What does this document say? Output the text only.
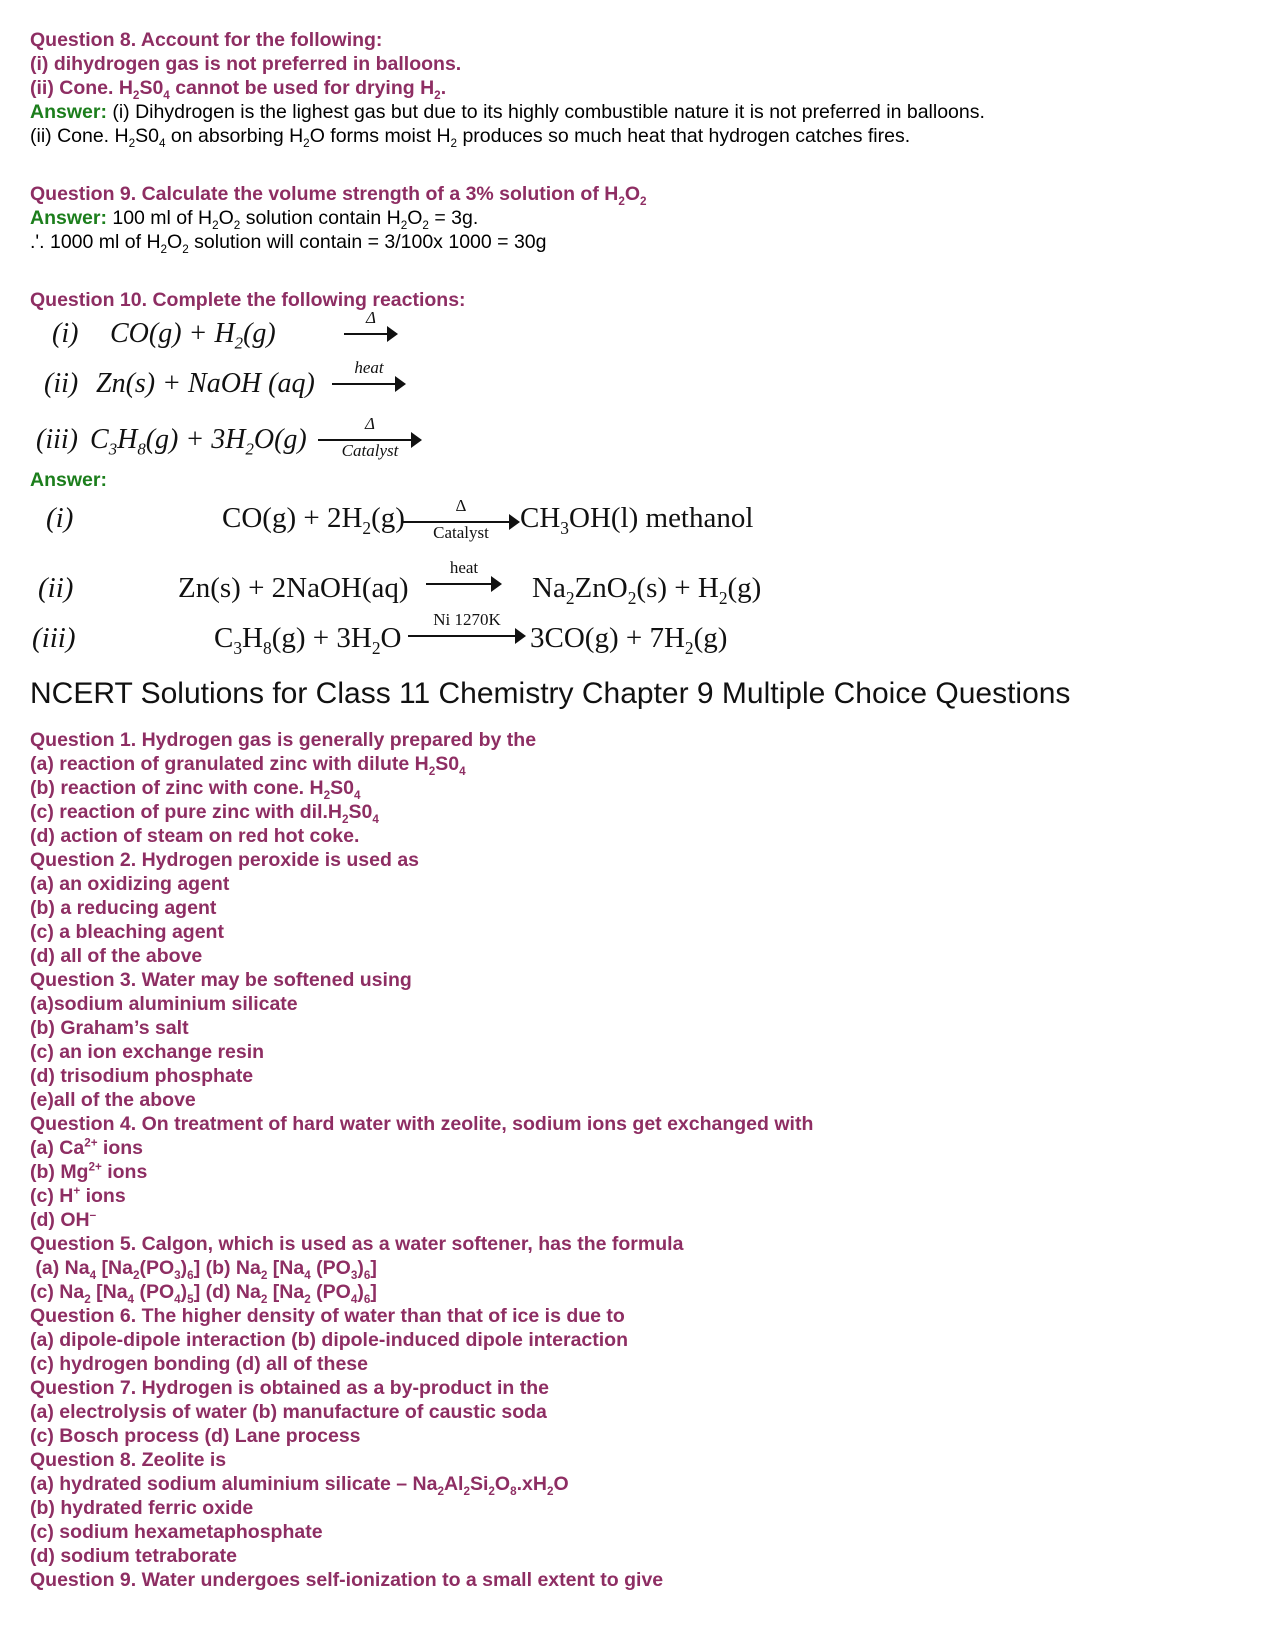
Question 8. Account for the following:

(i) dihydrogen gas is not preferred in balloons.

(ii) Cone. $H_2S0_4$ cannot be used for drying $H_2$.

Answer: (i) Dihydrogen is the lighest gas but due to its highly combustible nature it is not preferred in balloons.

(ii) Cone. $H_2S0_4$ on absorbing $H_2O$ forms moist $H_2$ produces so much heat that hydrogen catches fires.

Question 9. Calculate the volume strength of a 3% solution of $H_2O_2$

Answer: 100 ml of $H_2O_2$ solution contain $H_2O_2 = 3g$.

.'. 1000 ml of $H_2O_2$ solution will contain = 3/100x 1000 = 30g

Question 10. Complete the following reactions:

(i) $CO(g) + H_2(g)$
Δ
(ii) Zn(s) + NaOH (aq)
heat
(iii) $C_3H_8(g) + 3H_2O(g)$
Δ
Catalyst

Answer:

(i)	$CO(g) + 2H_2(g)$	Δ
Catalyst	$CH_3OH(l)$ methanol
(ii)	Zn(s) + 2NaOH(aq)
heat
$Na_2ZnO_2(s) + H_2(g)$
(iii)	$C_3H_8(g) + 3H_2O$
Ni 1270K
$3CO(g) + 7H_2(g)$
NCERT Solutions for Class 11 Chemistry Chapter 9 Multiple Choice Questions

Question 1. Hydrogen gas is generally prepared by the

(a) reaction of granulated zinc with dilute $H_2S0_4$

(b) reaction of zinc with cone. $H_2S0_4$

(c) reaction of pure zinc with $dil.H_2S0_4$

(d) action of steam on red hot coke.

Question 2. Hydrogen peroxide is used as

(a) an oxidizing agent

(b) a reducing agent

(c) a bleaching agent

(d) all of the above

Question 3. Water may be softened using

(a)sodium aluminium silicate

(b) Graham’s salt

(c) an ion exchange resin

(d) trisodium phosphate

(e)all of the above

Question 4. On treatment of hard water with zeolite, sodium ions get exchanged with

(a) $Ca^{2+}$ ions

(b) $Mg^{2+}$ ions

(c) H+ ions

(d) OH–

Question 5. Calgon, which is used as a water softener, has the formula

(a) $Na_4$ $[Na_2(PO_3)_6]$ (b) $Na_2$ [$Na_4$ $(PO_3)_6$]

(c) $Na_2$ [$Na_4$ $(PO_4)_5$] (d) $Na_2$ [$Na_2$ $(PO_4)_6$]

Question 6. The higher density of water than that of ice is due to

(a) dipole-dipole interaction (b) dipole-induced dipole interaction

(c) hydrogen bonding (d) all of these

Question 7. Hydrogen is obtained as a by-product in the

(a) electrolysis of water (b) manufacture of caustic soda

(c) Bosch process (d) Lane process

Question 8. Zeolite is

(a) hydrated sodium aluminium silicate – $Na_2Al_2Si_2O_8.xH_2O$

(b) hydrated ferric oxide

(c) sodium hexametaphosphate

(d) sodium tetraborate

Question 9. Water undergoes self-ionization to a small extent to give
